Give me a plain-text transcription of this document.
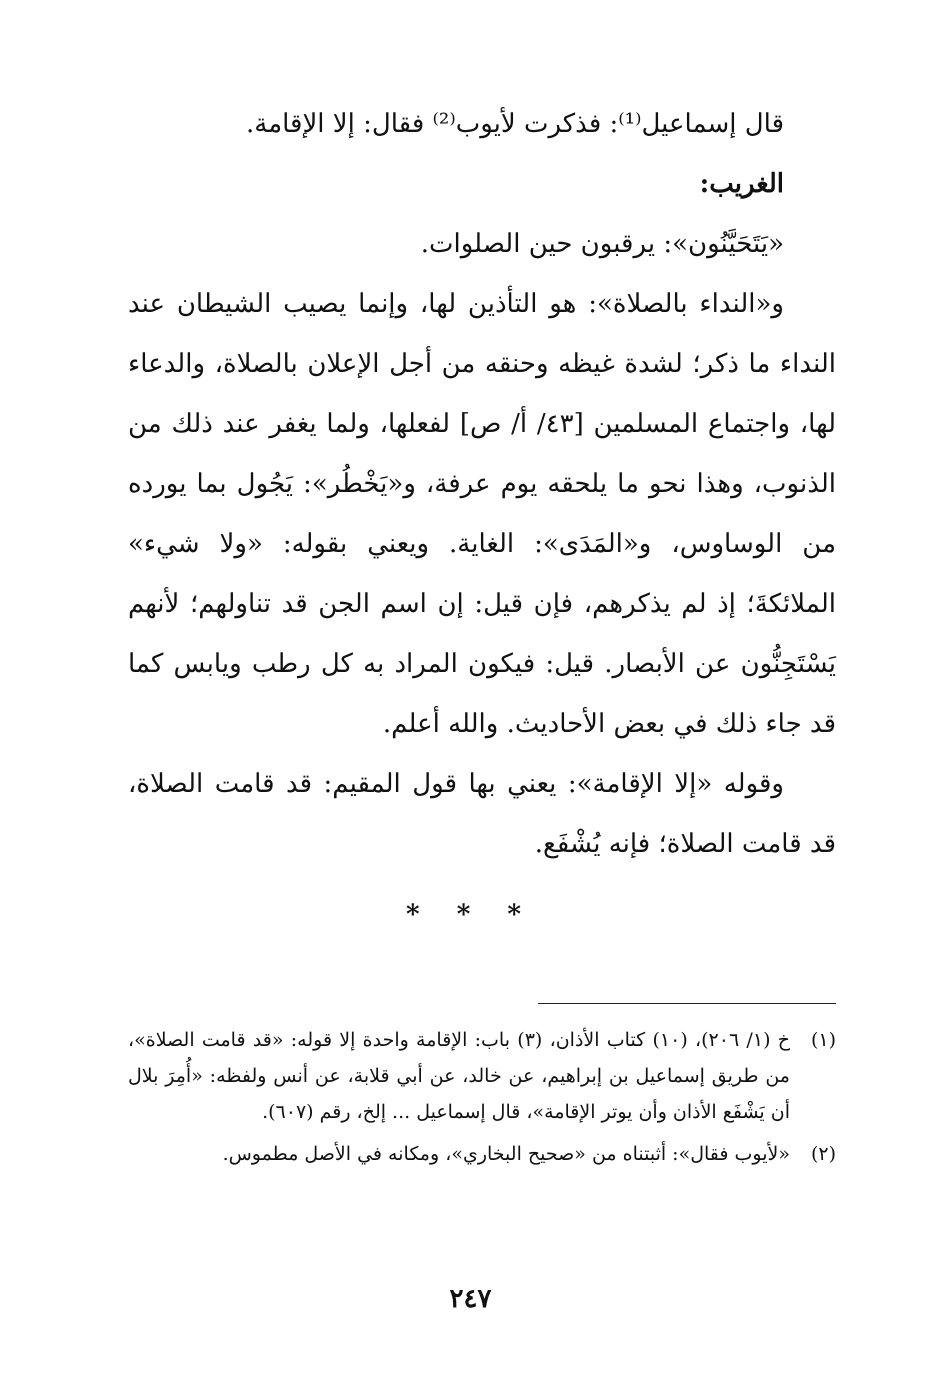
قال إسماعيل⁽¹⁾: فذكرت لأيوب⁽²⁾ فقال: إلا الإقامة.

الغريب:

«يَتَحَيَّنُون»: يرقبون حين الصلوات.

و«النداء بالصلاة»: هو التأذين لها، وإنما يصيب الشيطان عند النداء ما ذكر؛ لشدة غيظه وحنقه من أجل الإعلان بالصلاة، والدعاء لها، واجتماع المسلمين [٤٣/ أ/ ص] لفعلها، ولما يغفر عند ذلك من الذنوب، وهذا نحو ما يلحقه يوم عرفة، و«يَخْطُر»: يَجُول بما يورده من الوساوس، و«المَدَى»: الغاية. ويعني بقوله: «ولا شيء» الملائكةَ؛ إذ لم يذكرهم، فإن قيل: إن اسم الجن قد تناولهم؛ لأنهم يَسْتَجِنُّون عن الأبصار. قيل: فيكون المراد به كل رطب ويابس كما قد جاء ذلك في بعض الأحاديث. والله أعلم.

وقوله «إلا الإقامة»: يعني بها قول المقيم: قد قامت الصلاة، قد قامت الصلاة؛ فإنه يُشْفَع.

* * *

(١)
خ (١/ ٢٠٦)، (١٠) كتاب الأذان، (٣) باب: الإقامة واحدة إلا قوله: «قد قامت الصلاة»، من طريق إسماعيل بن إبراهيم، عن خالد، عن أبي قلابة، عن أنس ولفظه: «أُمِرَ بلال أن يَشْفَع الأذان وأن يوتر الإقامة»، قال إسماعيل ... إلخ، رقم (٦٠٧).

(٢)
«لأيوب فقال»: أثبتناه من «صحيح البخاري»، ومكانه في الأصل مطموس.

٢٤٧
